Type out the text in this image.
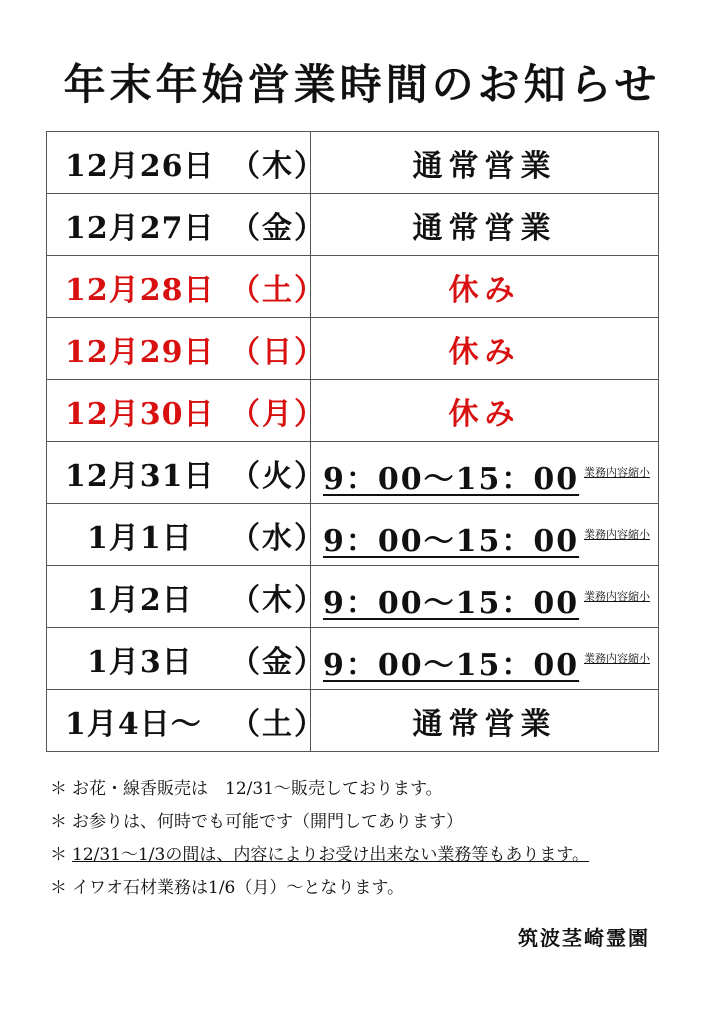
年末年始営業時間のお知らせ
12月26日 （木）	通常営業

12月27日 （金）	通常営業

12月28日 （土）	休み

12月29日 （日）	休み

12月30日 （月）	休み

12月31日 （火）	9：00～15：00 業務内容縮小

1月1日 （水）	9：00～15：00 業務内容縮小

1月2日 （木）	9：00～15：00 業務内容縮小

1月3日 （金）	9：00～15：00 業務内容縮小

1月4日～ （土）	通常営業
＊ お花・線香販売は　12/31～販売しております。
＊ お参りは、何時でも可能です（開門してあります）
＊ 12/31～1/3の間は、内容によりお受け出来ない業務等もあります。
＊ イワオ石材業務は1/6（月）～となります。
筑波茎崎霊園
